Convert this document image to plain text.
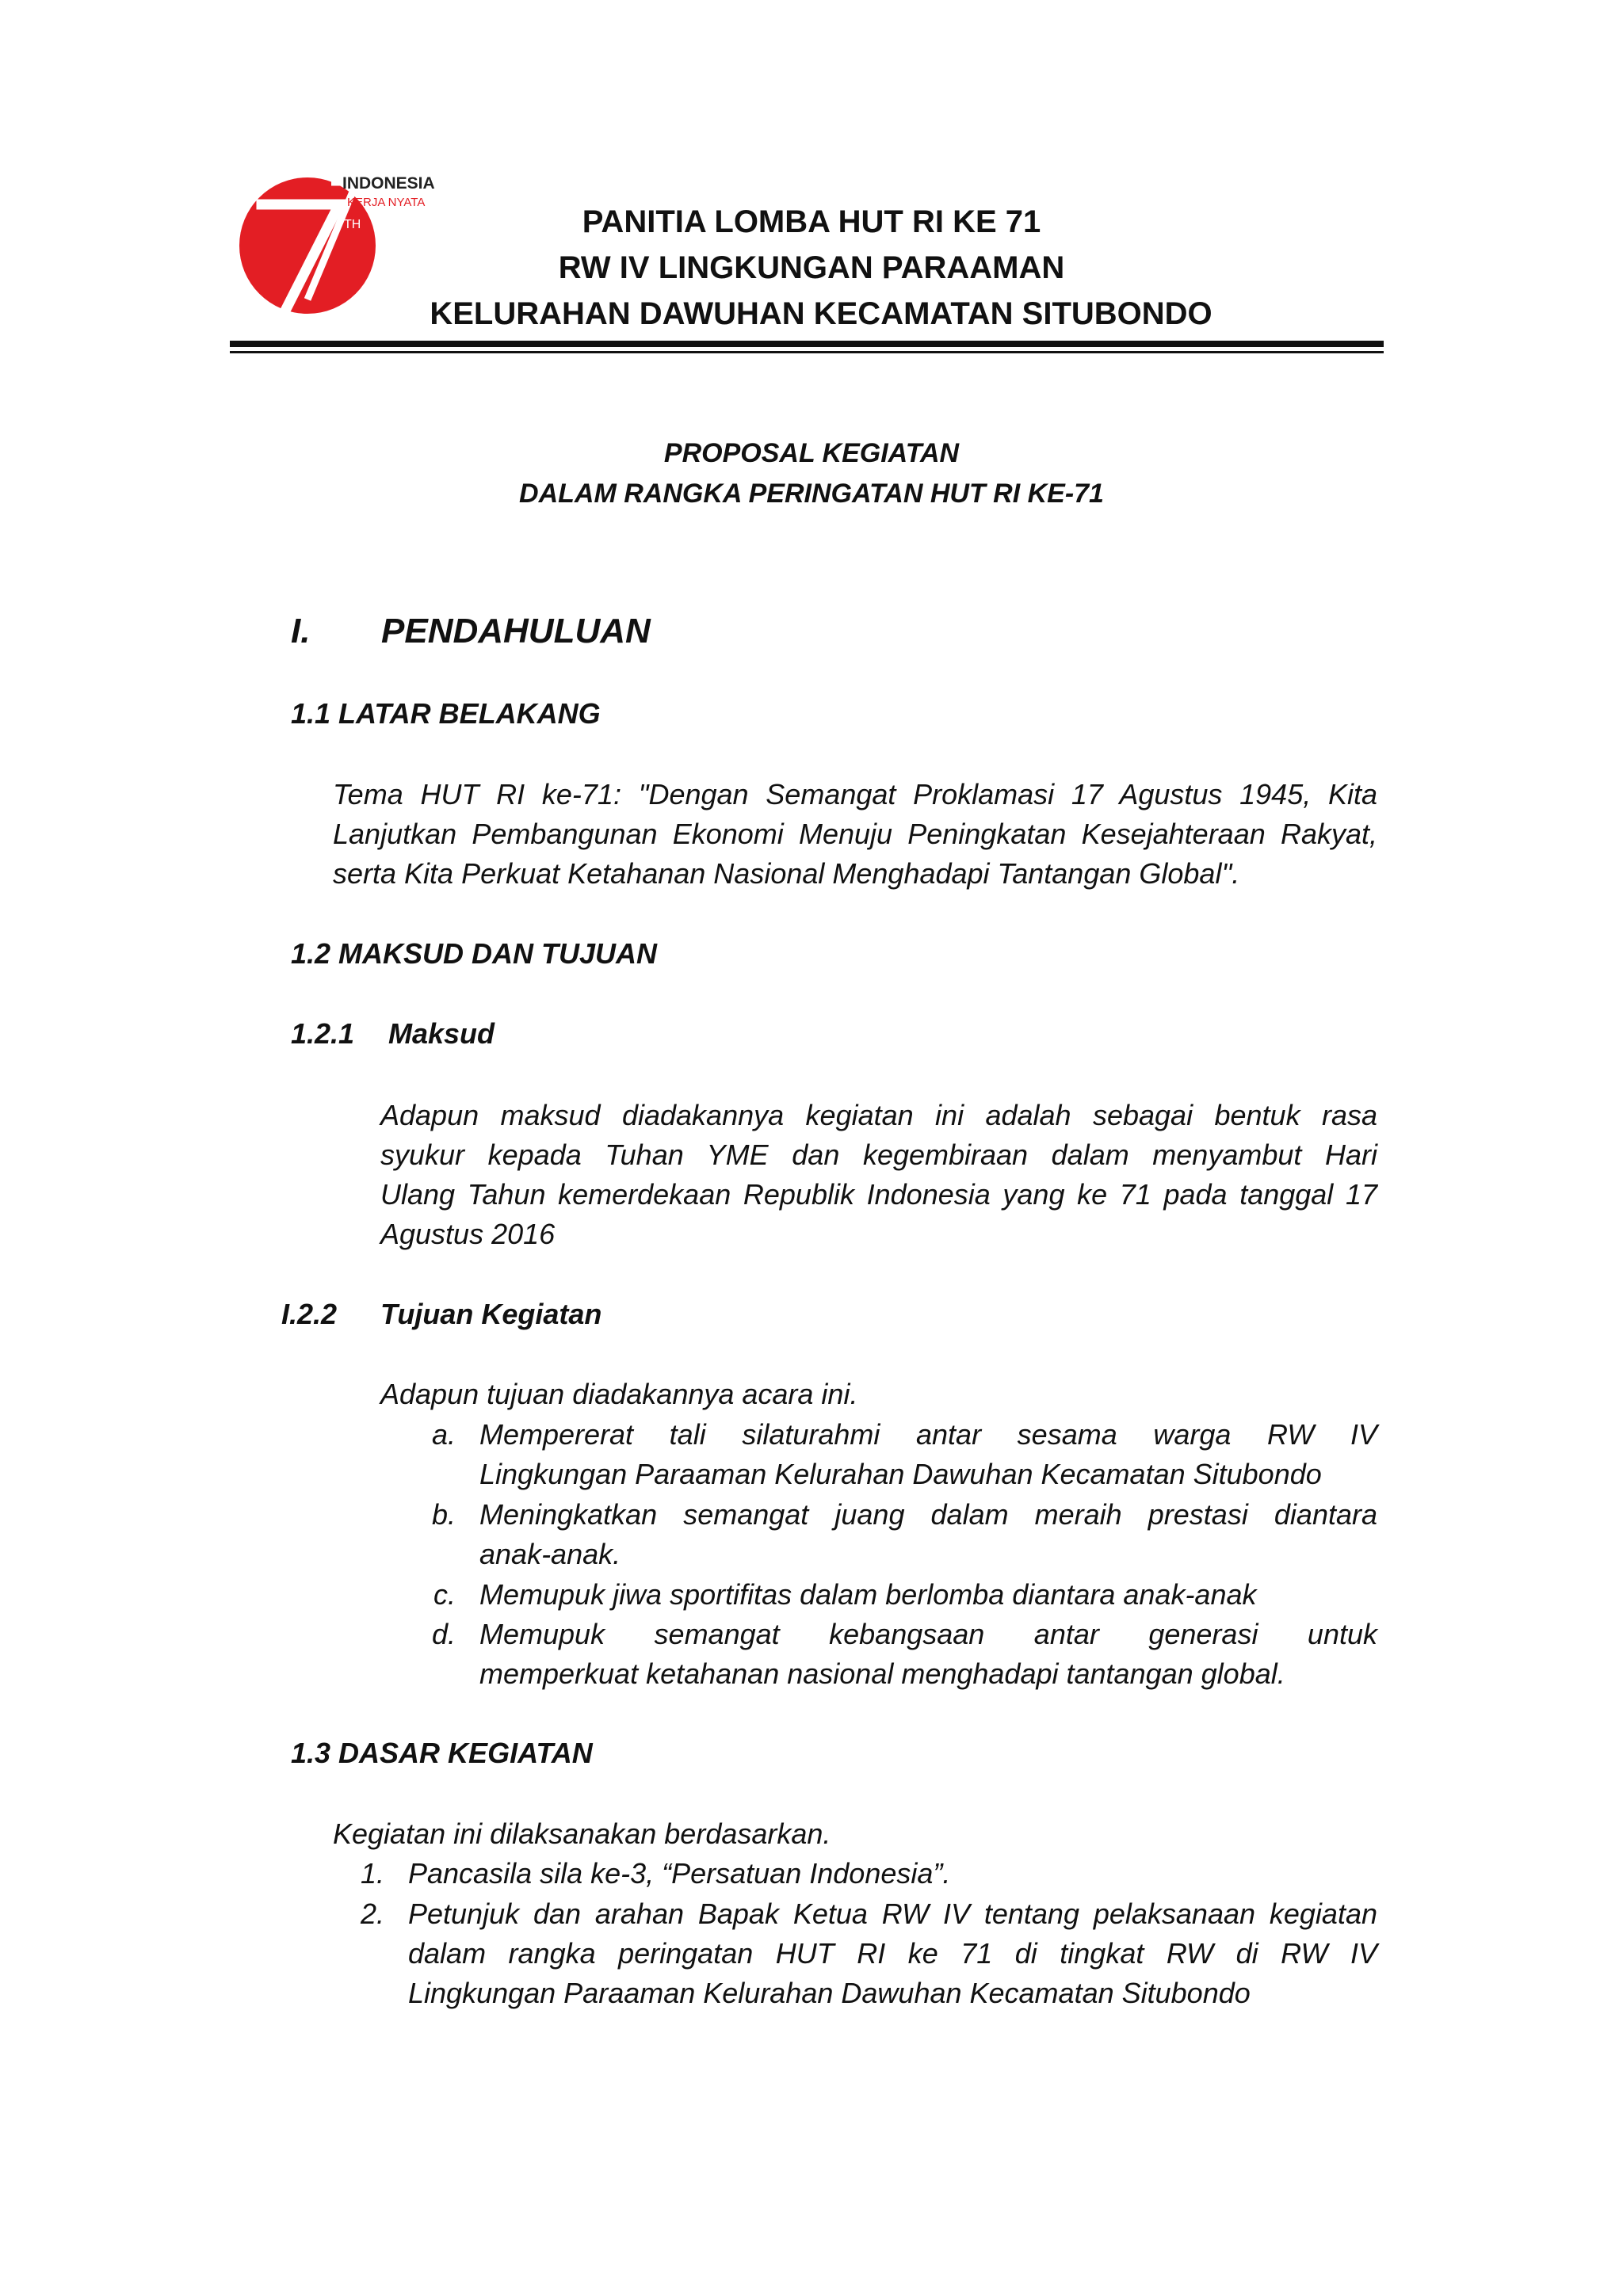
INDONESIA
KERJA NYATA
TH	PANITIA LOMBA HUT RI KE 71
RW IV LINGKUNGAN PARAAMAN
KELURAHAN DAWUHAN KECAMATAN SITUBONDO
PROPOSAL KEGIATAN
DALAM RANGKA PERINGATAN HUT RI KE-71
I. PENDAHULUAN
1.1 LATAR BELAKANG
Tema HUT RI ke-71: "Dengan Semangat Proklamasi 17 Agustus 1945, Kita
Lanjutkan Pembangunan Ekonomi Menuju Peningkatan Kesejahteraan Rakyat,
serta Kita Perkuat Ketahanan Nasional Menghadapi Tantangan Global".
1.2 MAKSUD DAN TUJUAN
1.2.1 Maksud
Adapun maksud diadakannya kegiatan ini adalah sebagai bentuk rasa
syukur kepada Tuhan YME dan kegembiraan dalam menyambut Hari
Ulang Tahun kemerdekaan Republik Indonesia yang ke 71 pada tanggal 17
Agustus 2016
I.2.2 Tujuan Kegiatan
Adapun tujuan diadakannya acara ini.
a. Mempererat tali silaturahmi antar sesama warga RW IV
Lingkungan Paraaman Kelurahan Dawuhan Kecamatan Situbondo
b. Meningkatkan semangat juang dalam meraih prestasi diantara
anak-anak.
c. Memupuk jiwa sportifitas dalam berlomba diantara anak-anak
d. Memupuk semangat kebangsaan antar generasi untuk
memperkuat ketahanan nasional menghadapi tantangan global.
1.3 DASAR KEGIATAN
Kegiatan ini dilaksanakan berdasarkan.
1. Pancasila sila ke-3, “Persatuan Indonesia”.
2. Petunjuk dan arahan Bapak Ketua RW IV tentang pelaksanaan kegiatan
dalam rangka peringatan HUT RI ke 71 di tingkat RW di RW IV
Lingkungan Paraaman Kelurahan Dawuhan Kecamatan Situbondo
